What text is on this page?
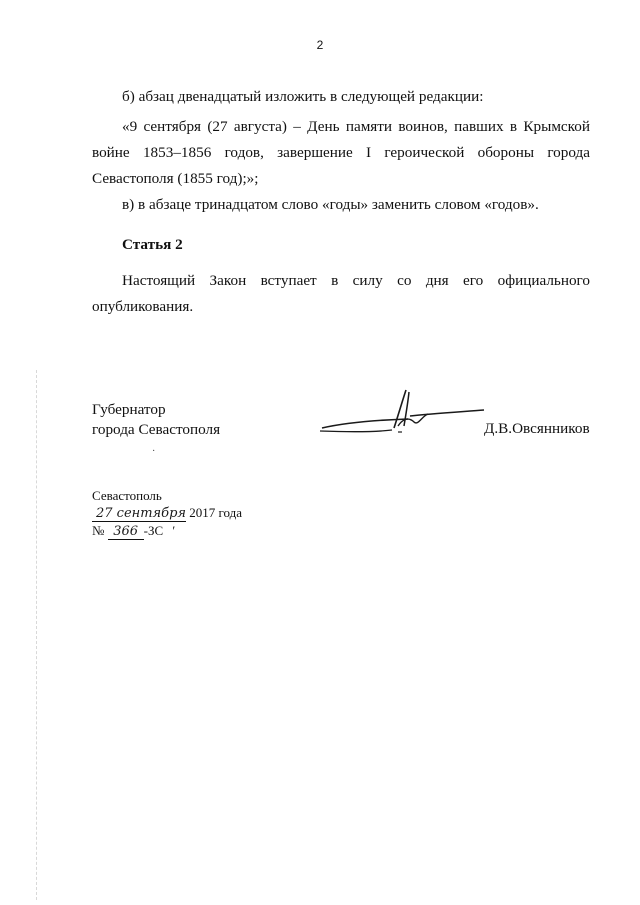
2

б) абзац двенадцатый изложить в следующей редакции:

«9 сентября (27 августа) – День памяти воинов, павших в Крымской войне 1853–1856 годов, завершение I героической обороны города Севастополя (1855 год);»;

в) в абзаце тринадцатом слово «годы» заменить словом «годов».

Статья 2

Настоящий Закон вступает в силу со дня его официального опубликования.

Губернатор
города Севастополя	Д.В.Овсянников
·
Севастополь
27 сентября 2017 года
№ 366 -ЗС ʹ
